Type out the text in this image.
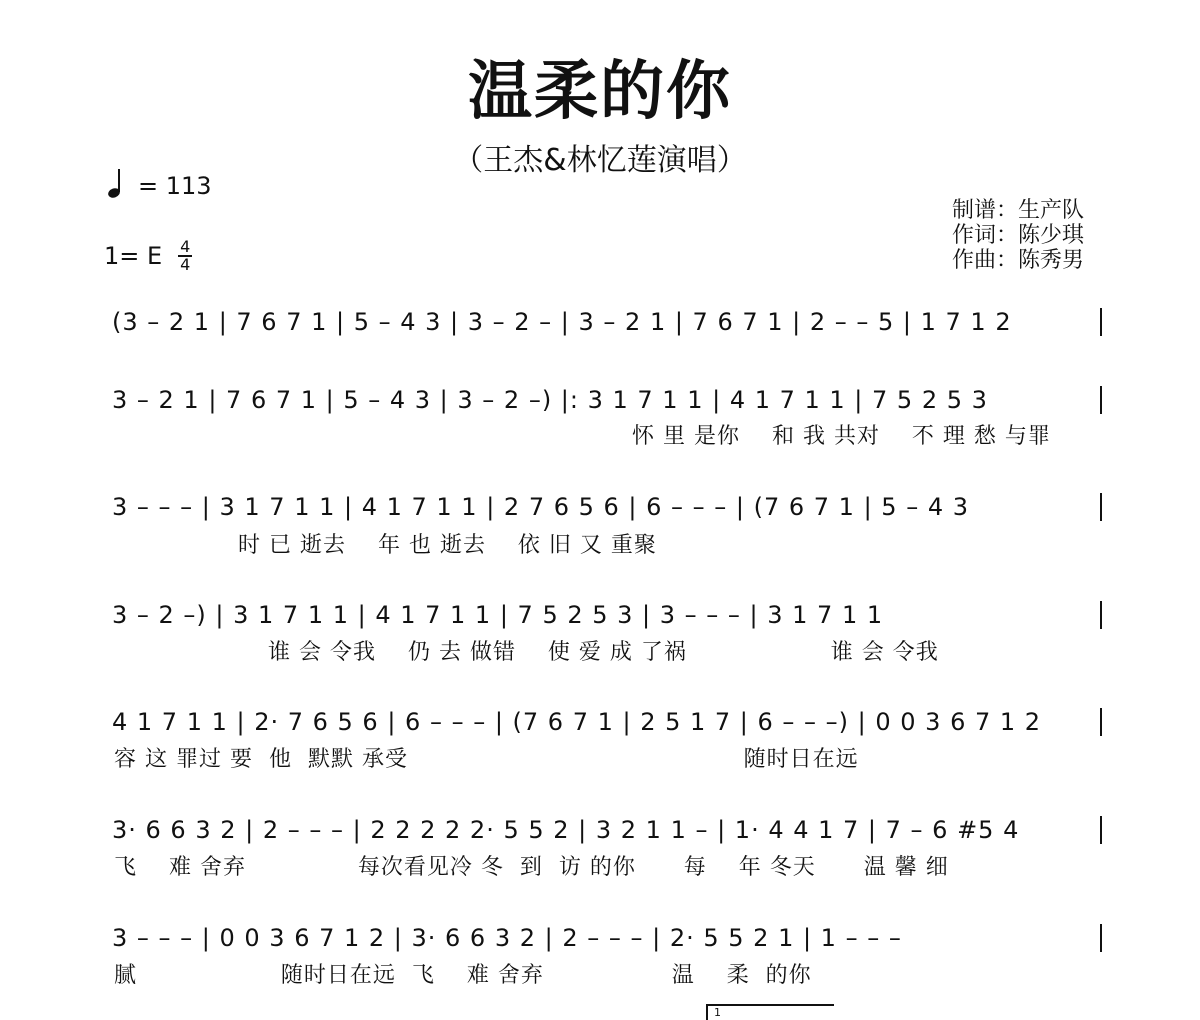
温柔的你
（王杰&林忆莲演唱）
= 113
1= E $\frac{4}{4}$
制谱：生产队
作词：陈少琪
作曲：陈秀男
(3 – 2 1 | 7 6 7 1 | 5 – 4 3 | 3 – 2 – | 3 – 2 1 | 7 6 7 1 | 2 – – 5 | 1 7 1 2
3 – 2 1 | 7 6 7 1 | 5 – 4 3 | 3 – 2 –) |: 3 1 7 1 1 | 4 1 7 1 1 | 7 5 2 5 3
怀 里 是你    和 我 共对    不 理 愁 与罪
3 – – – | 3 1 7 1 1 | 4 1 7 1 1 | 2 7 6 5 6 | 6 – – – | (7 6 7 1 | 5 – 4 3
时 已 逝去    年 也 逝去    依 旧 又 重聚
3 – 2 –) | 3 1 7 1 1 | 4 1 7 1 1 | 7 5 2 5 3 | 3 – – – | 3 1 7 1 1
谁 会 令我    仍 去 做错    使 爱 成 了祸                  谁 会 令我
4 1 7 1 1 | 2· 7 6 5 6 | 6 – – – | (7 6 7 1 | 2 5 1 7 | 6 – – –) | 0 0 3 6 7 1 2
容 这 罪过 要  他  默默 承受                                          随时日在远
3· 6 6 3 2 | 2 – – – | 2 2 2 2 2· 5 5 2 | 3 2 1 1 – | 1· 4 4 1 7 | 7 – 6 #5 4
飞    难 舍弃              每次看见冷 冬  到  访 的你      每    年 冬天      温 馨 细
3 – – – | 0 0 3 6 7 1 2 | 3· 6 6 3 2 | 2 – – – | 2· 5 5 2 1 | 1 – – –
腻                  随时日在远  飞    难 舍弃                温    柔  的你
1
